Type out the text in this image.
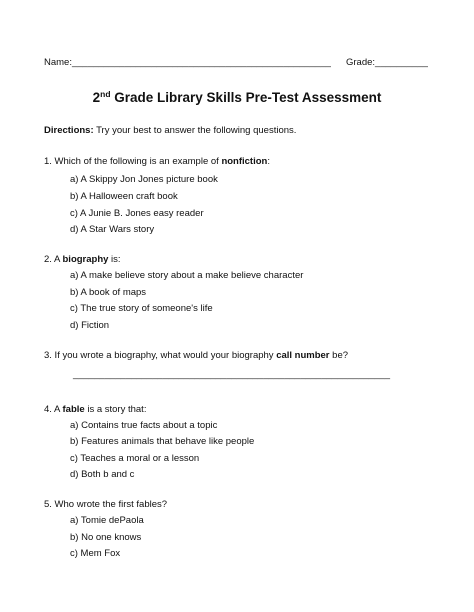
Name:_________________________________________________ Grade:__________
2nd Grade Library Skills Pre-Test Assessment
Directions: Try your best to answer the following questions.
1. Which of the following is an example of nonfiction:
a) A Skippy Jon Jones picture book
b) A Halloween craft book
c) A Junie B. Jones easy reader
d) A Star Wars story
2. A biography is:
a) A make believe story about a make believe character
b) A book of maps
c) The true story of someone's life
d) Fiction
3. If you wrote a biography, what would your biography call number be?
____________________________________________________________
4. A fable is a story that:
a) Contains true facts about a topic
b) Features animals that behave like people
c) Teaches a moral or a lesson
d) Both b and c
5. Who wrote the first fables?
a) Tomie dePaola
b) No one knows
c) Mem Fox
